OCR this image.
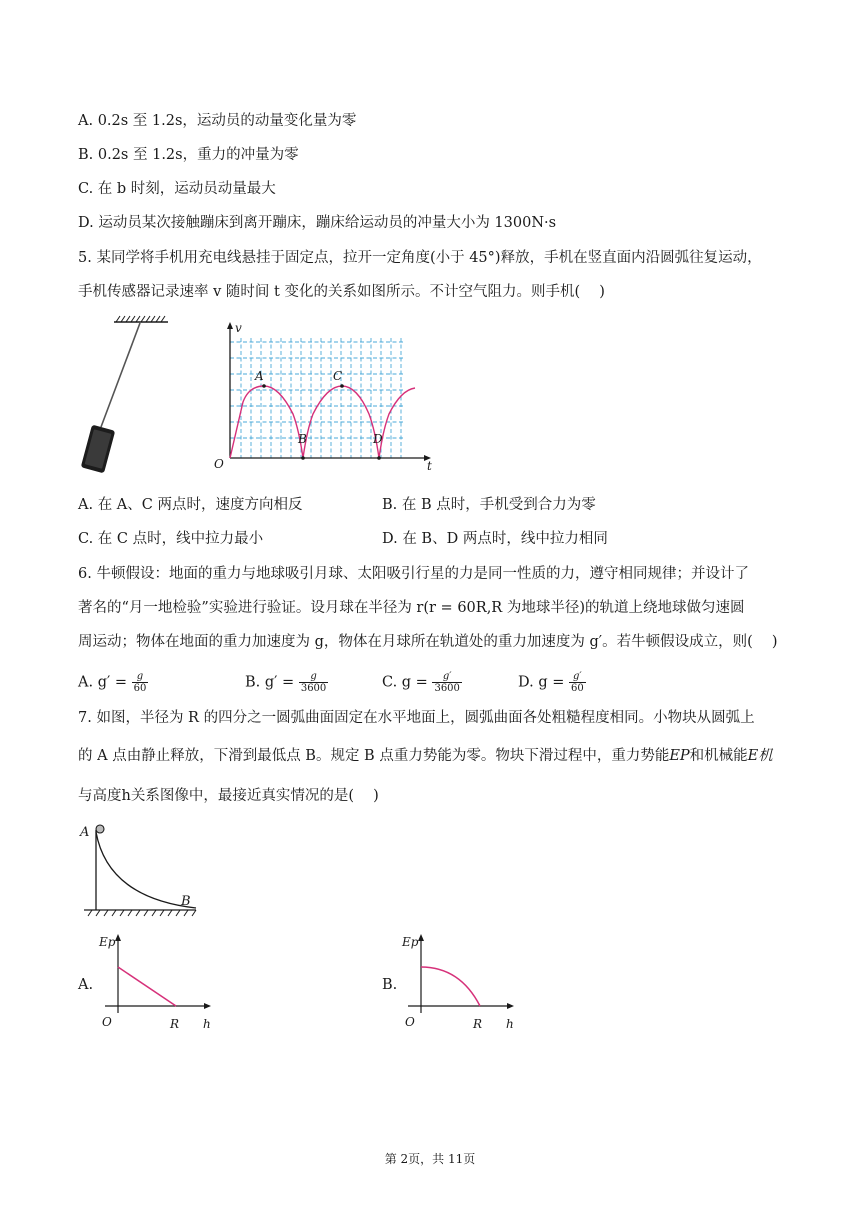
A. 0.2s 至 1.2s，运动员的动量变化量为零
B. 0.2s 至 1.2s，重力的冲量为零
C. 在 b 时刻，运动员动量最大
D. 运动员某次接触蹦床到离开蹦床，蹦床给运动员的冲量大小为 1300N·s
5. 某同学将手机用充电线悬挂于固定点，拉开一定角度(小于 45°)释放，手机在竖直面内沿圆弧往复运动，
手机传感器记录速率 v 随时间 t 变化的关系如图所示。不计空气阻力。则手机(　 )
v
t
O
A
B
C
D
A. 在 A、C 两点时，速度方向相反	B. 在 B 点时，手机受到合力为零
C. 在 C 点时，线中拉力最小	D. 在 B、D 两点时，线中拉力相同
6. 牛顿假设：地面的重力与地球吸引月球、太阳吸引行星的力是同一性质的力，遵守相同规律；并设计了
著名的“月一地检验”实验进行验证。设月球在半径为 r(r = 60R,R 为地球半径)的轨道上绕地球做匀速圆
周运动；物体在地面的重力加速度为 g，物体在月球所在轨道处的重力加速度为 g′。若牛顿假设成立，则(　 )
A. $g' = \frac{g}{60}$	B. $g' = \frac{g}{3600}$	C. $g = \frac{g'}{3600}$	D. $g = \frac{g'}{60}$
7. 如图，半径为 R 的四分之一圆弧曲面固定在水平地面上，圆弧曲面各处粗糙程度相同。小物块从圆弧上
的 A 点由静止释放，下滑到最低点 B。规定 B 点重力势能为零。物块下滑过程中，重力势能EP和机械能E机
与高度h关系图像中，最接近真实情况的是(　 )
A
B
A.
Ep
O	R h
B.
Ep
O	R h
第 2页，共 11页
